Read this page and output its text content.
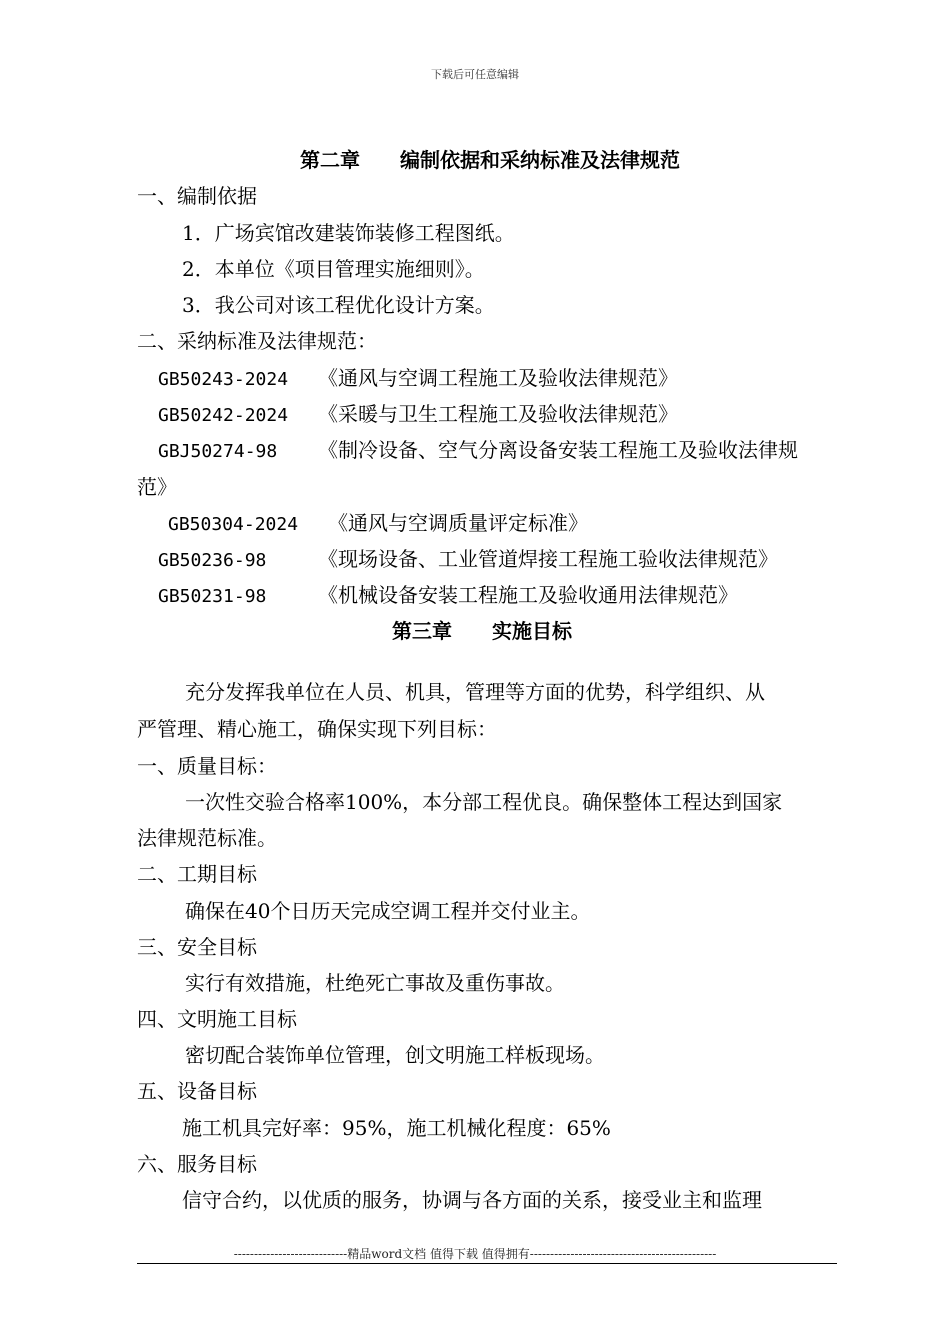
下载后可任意编辑
第二章　　编制依据和采纳标准及法律规范
一、编制依据
1．广场宾馆改建装饰装修工程图纸。
2．本单位《项目管理实施细则》。
3．我公司对该工程优化设计方案。
二、采纳标准及法律规范：
GB50243-2024 《通风与空调工程施工及验收法律规范》
GB50242-2024 《采暖与卫生工程施工及验收法律规范》
GBJ50274-98 《制冷设备、空气分离设备安装工程施工及验收法律规
范》
GB50304-2024 《通风与空调质量评定标准》
GB50236-98	《现场设备、工业管道焊接工程施工验收法律规范》
GB50231-98	《机械设备安装工程施工及验收通用法律规范》
第三章　　实施目标
充分发挥我单位在人员、机具，管理等方面的优势，科学组织、从
严管理、精心施工，确保实现下列目标：
一、质量目标：
一次性交验合格率100%，本分部工程优良。确保整体工程达到国家
法律规范标准。
二、工期目标
确保在40个日历天完成空调工程并交付业主。
三、安全目标
实行有效措施，杜绝死亡事故及重伤事故。
四、文明施工目标
密切配合装饰单位管理，创文明施工样板现场。
五、设备目标
施工机具完好率：95%，施工机械化程度：65%
六、服务目标
信守合约，以优质的服务，协调与各方面的关系，接受业主和监理
----------------------------精品word文档 值得下载 值得拥有----------------------------------------------
